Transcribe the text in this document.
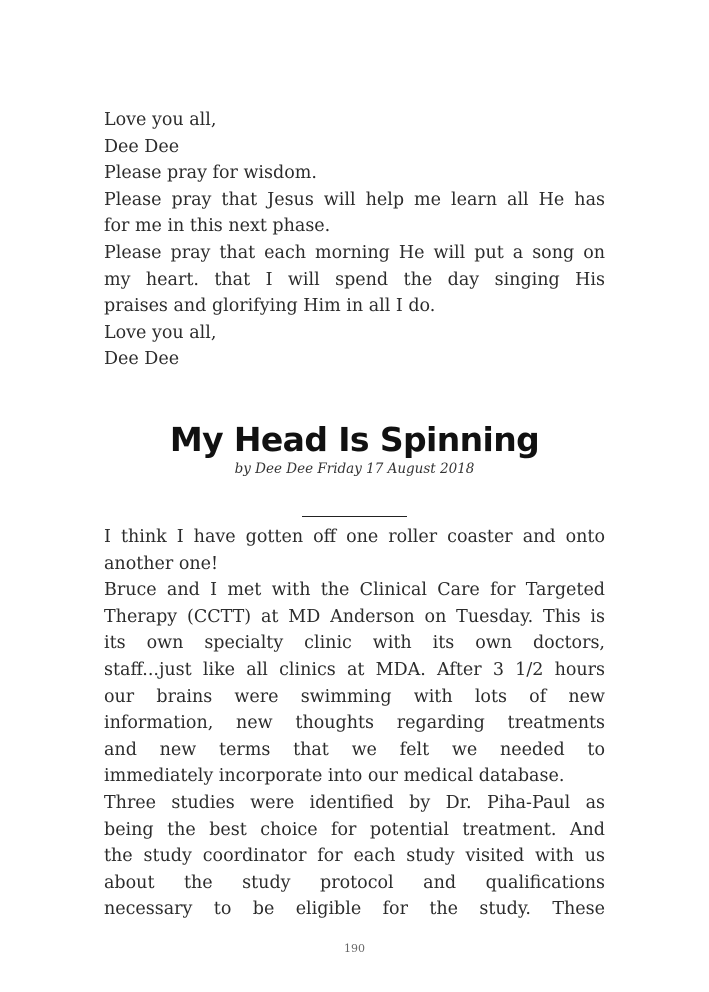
Love you all,
Dee Dee
Please pray for wisdom.
Please pray that Jesus will help me learn all He has
for me in this next phase.
Please pray that each morning He will put a song on
my heart. that I will spend the day singing His
praises and glorifying Him in all I do.
Love you all,
Dee Dee
My Head Is Spinning
by Dee Dee Friday 17 August 2018
I think I have gotten off one roller coaster and onto
another one!
Bruce and I met with the Clinical Care for Targeted
Therapy (CCTT) at MD Anderson on Tuesday. This is
its own specialty clinic with its own doctors,
staff...just like all clinics at MDA. After 3 1/2 hours
our brains were swimming with lots of new
information, new thoughts regarding treatments
and new terms that we felt we needed to
immediately incorporate into our medical database.
Three studies were identified by Dr. Piha-Paul as
being the best choice for potential treatment. And
the study coordinator for each study visited with us
about the study protocol and qualifications
necessary to be eligible for the study. These
190
